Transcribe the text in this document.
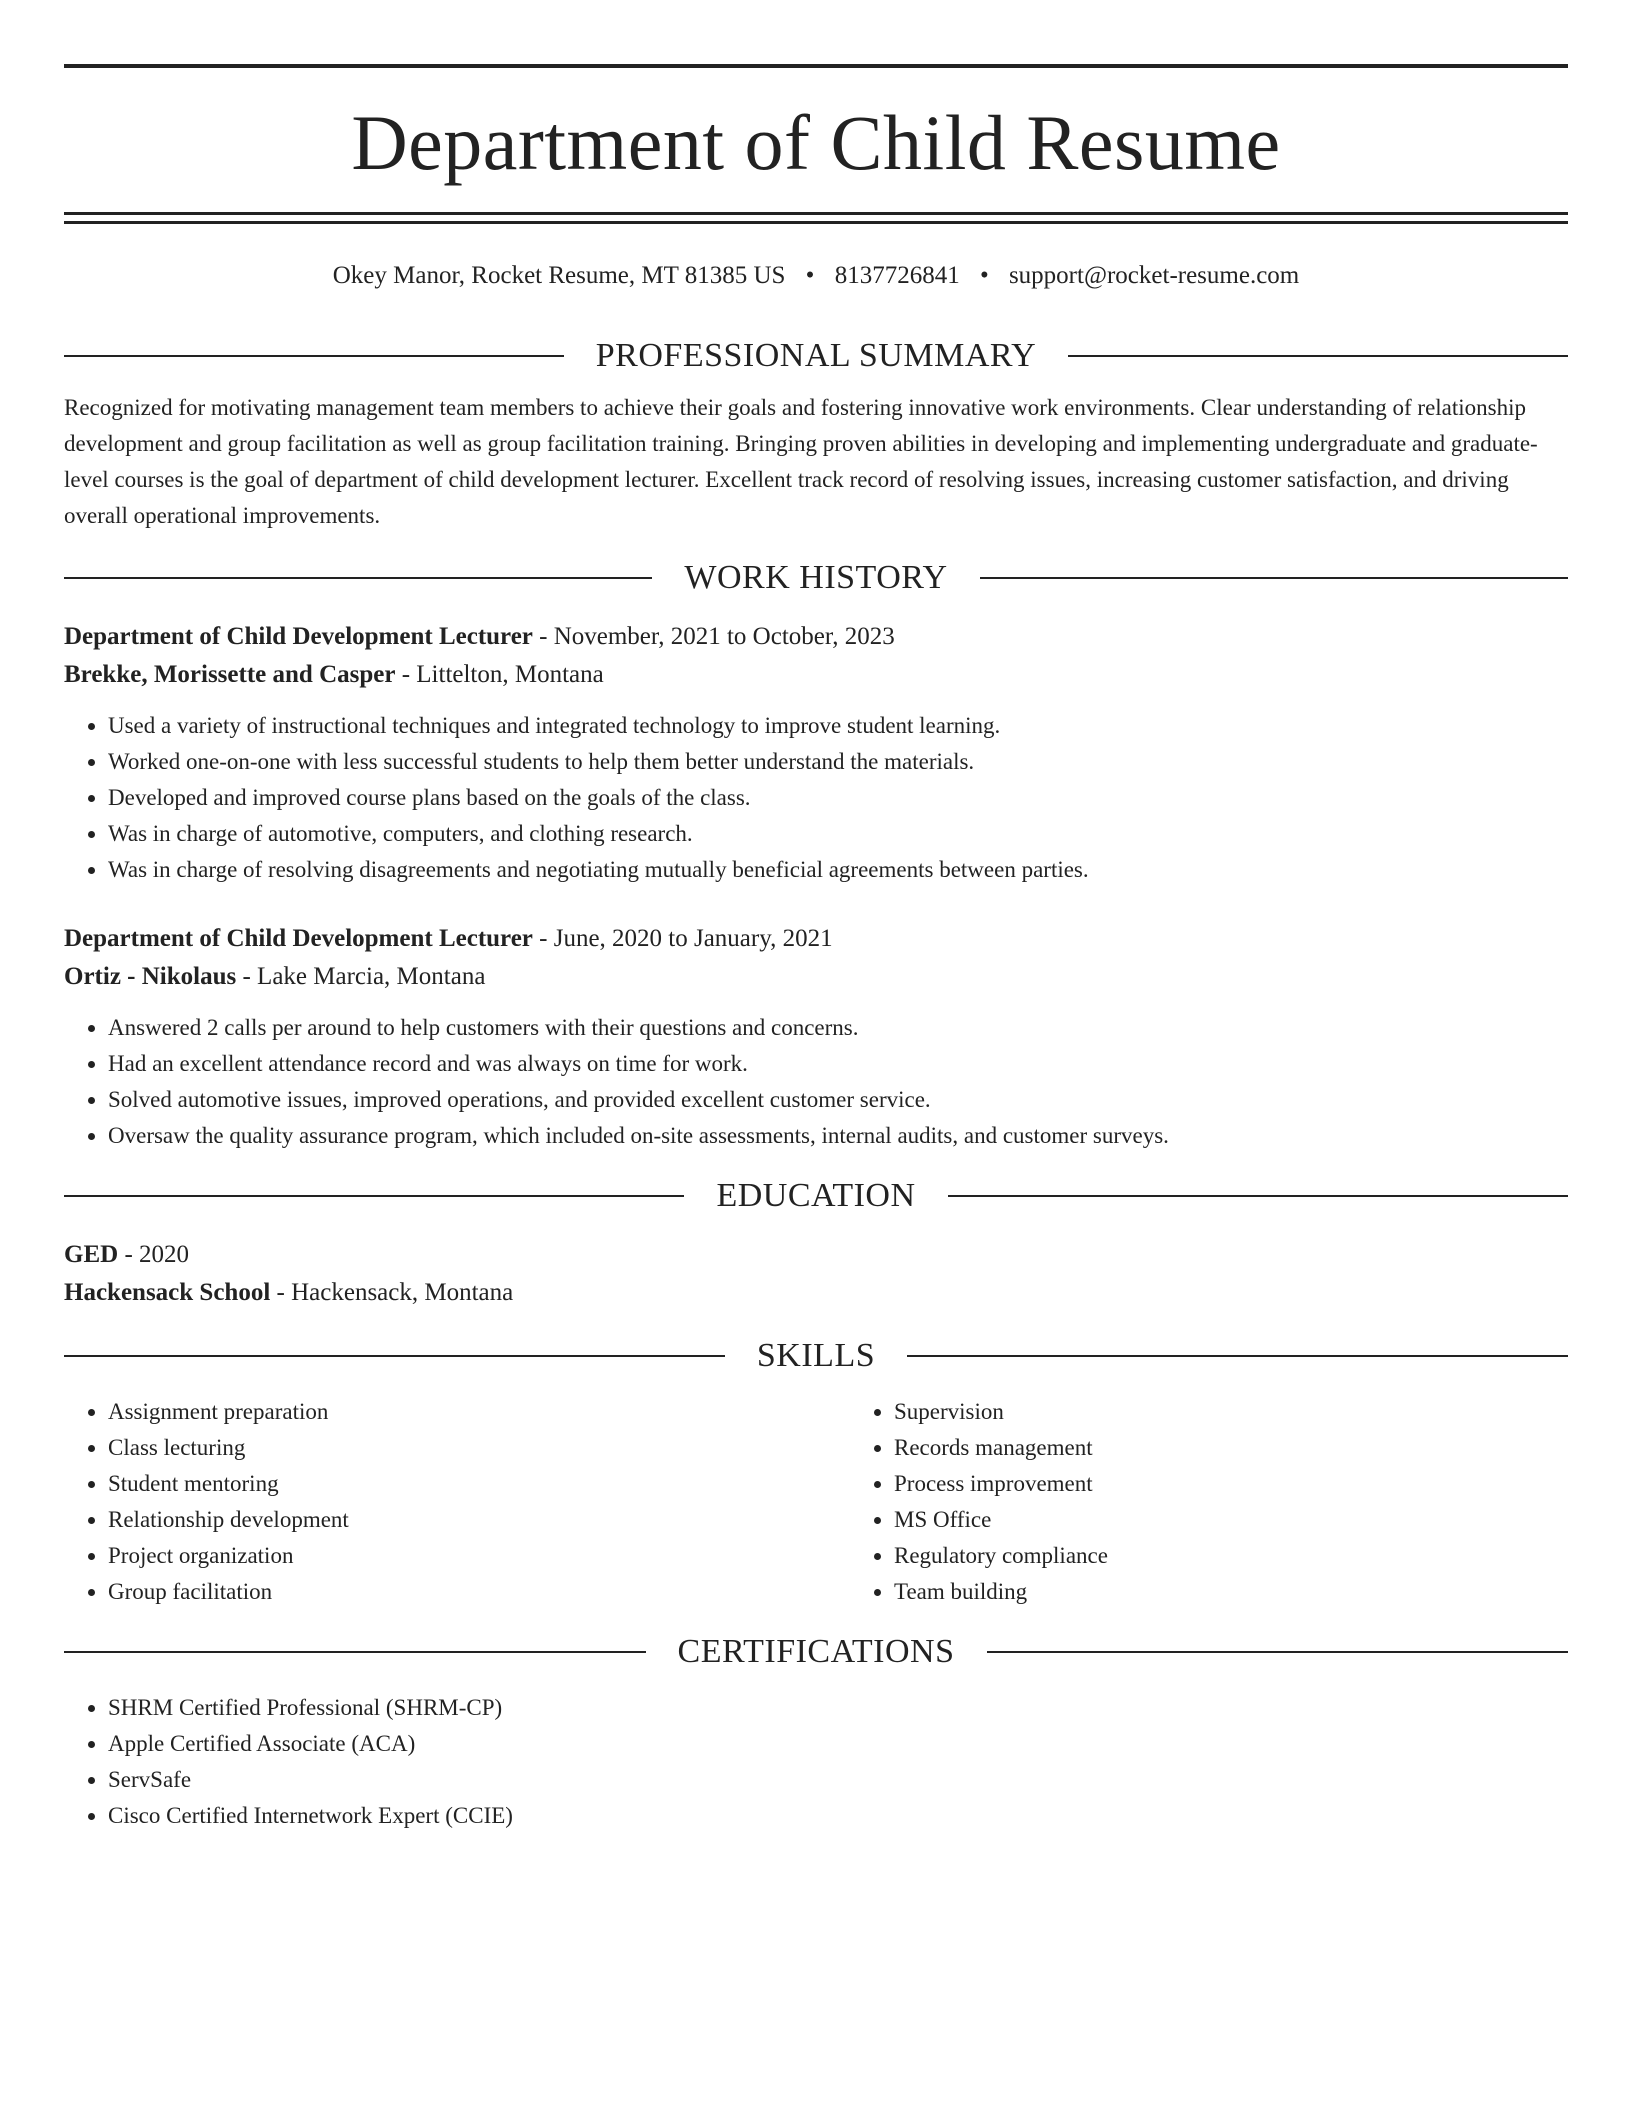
Department of Child Resume
Okey Manor, Rocket Resume, MT 81385 US • 8137726841 • support@rocket-resume.com
PROFESSIONAL SUMMARY

Recognized for motivating management team members to achieve their goals and fostering innovative work environments. Clear understanding of relationship development and group facilitation as well as group facilitation training. Bringing proven abilities in developing and implementing undergraduate and graduate-level courses is the goal of department of child development lecturer. Excellent track record of resolving issues, increasing customer satisfaction, and driving overall operational improvements.

WORK HISTORY
Department of Child Development Lecturer - November, 2021 to October, 2023
Brekke, Morissette and Casper - Littelton, Montana
• Used a variety of instructional techniques and integrated technology to improve student learning.
• Worked one-on-one with less successful students to help them better understand the materials.
• Developed and improved course plans based on the goals of the class.
• Was in charge of automotive, computers, and clothing research.
• Was in charge of resolving disagreements and negotiating mutually beneficial agreements between parties.
Department of Child Development Lecturer - June, 2020 to January, 2021
Ortiz - Nikolaus - Lake Marcia, Montana
• Answered 2 calls per around to help customers with their questions and concerns.
• Had an excellent attendance record and was always on time for work.
• Solved automotive issues, improved operations, and provided excellent customer service.
• Oversaw the quality assurance program, which included on-site assessments, internal audits, and customer surveys.
EDUCATION
GED - 2020
Hackensack School - Hackensack, Montana
SKILLS
• Assignment preparation
• Class lecturing
• Student mentoring
• Relationship development
• Project organization
• Group facilitation
• Supervision
• Records management
• Process improvement
• MS Office
• Regulatory compliance
• Team building
CERTIFICATIONS
• SHRM Certified Professional (SHRM-CP)
• Apple Certified Associate (ACA)
• ServSafe
• Cisco Certified Internetwork Expert (CCIE)
